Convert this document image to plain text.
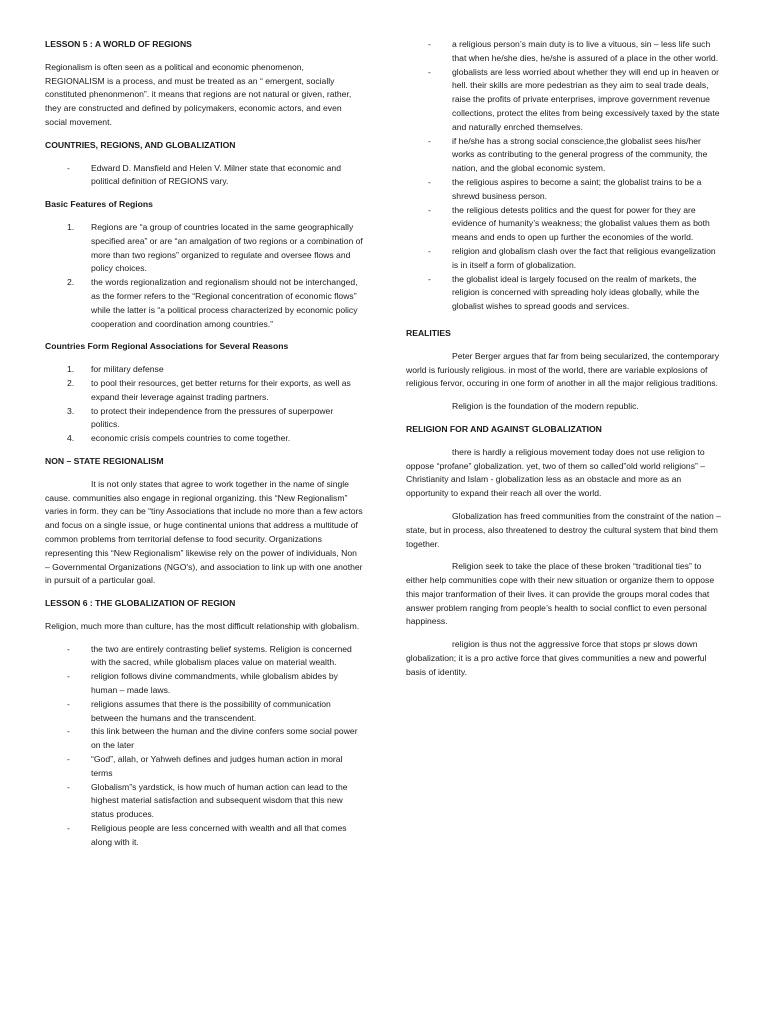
LESSON 5 : A WORLD OF REGIONS

Regionalism is often seen as a political and economic phenomenon, REGIONALISM is a process, and must be treated as an “ emergent, socially constituted phenonmenon”. it means that regions are not natural or given, rather, they are constructed and defined by policymakers, economic actors, and even social movement.

COUNTRIES, REGIONS, AND GLOBALIZATION
- Edward D. Mansfield and Helen V. Milner state that economic and political definition of REGIONS vary.
Basic Features of Regions
1. Regions are “a group of countries located in the same geographically specified area” or are “an amalgation of two regions or a combination of more than two regions” organized to regulate and oversee flows and policy choices.
2. the words regionalization and regionalism should not be interchanged, as the former refers to the “Regional concentration of economic flows” while the latter is “a political process characterized by economic policy cooperation and coordination among countries.”
Countries Form Regional Associations for Several Reasons
1. for military defense
2. to pool their resources, get better returns for their exports, as well as expand their leverage against trading partners.
3. to protect their independence from the pressures of superpower politics.
4. economic crisis compels countries to come together.
NON – STATE REGIONALISM

It is not only states that agree to work together in the name of single cause. communities also engage in regional organizing. this “New Regionalism” varies in form. they can be “tiny Associations that include no more than a few actors and focus on a single issue, or huge continental unions that address a multitude of common problems from territorial defense to food security. Organizations representing this “New Regionalism” likewise rely on the power of individuals, Non – Governmental Organizations (NGO’s), and association to link up with one another in pursuit of a particular goal.

LESSON 6 : THE GLOBALIZATION OF REGION

Religion, much more than culture, has the most difficult relationship with globalism.

- the two are entirely contrasting belief systems. Religion is concerned with the sacred, while globalism places value on material wealth.
- religion follows divine commandments, while globalism abides by human – made laws.
- religions assumes that there is the possibility of communication between the humans and the transcendent.
- this link between the human and the divine confers some social power on the later
- “God”, allah, or Yahweh defines and judges human action in moral terms
- Globalism”s yardstick, is how much of human action can lead to the highest material satisfaction and subsequent wisdom that this new status produces.
- Religious people are less concerned with wealth and all that comes along with it.
- a religious person’s main duty is to live a vituous, sin – less life such that when he/she dies, he/she is assured of a place in the other world.
- globalists are less worried about whether they will end up in heaven or hell. their skills are more pedestrian as they aim to seal trade deals, raise the profits of private enterprises, improve government revenue collections, protect the elites from being excessively taxed by the state and naturally enrched themselves.
- if he/she has a strong social conscience,the globalist sees his/her works as contributing to the general progress of the community, the nation, and the global economic system.
- the religious aspires to become a saint; the globalist trains to be a shrewd business person.
- the religious detests politics and the quest for power for they are evidence of humanity’s weakness; the globalist values them as both means and ends to open up further the economies of the world.
- religion and globalism clash over the fact that religious evangelization is in itself a form of globalization.
- the globalist ideal is largely focused on the realm of markets, the religion is concerned with spreading holy ideas globally, while the globalist wishes to spread goods and services.
REALITIES

Peter Berger argues that far from being secularized, the contemporary world is furiously religious. in most of the world, there are variable explosions of religious fervor, occuring in one form of another in all the major religious traditions.

Religion is the foundation of the modern republic.

RELIGION FOR AND AGAINST GLOBALIZATION

there is hardly a religious movement today does not use religion to oppose “profane” globalization. yet, two of them so called”old world religions” – Christianity and Islam - globalization less as an obstacle and more as an opportunity to expand their reach all over the world.

Globalization has freed communities from the constraint of the nation – state, but in process, also threatened to destroy the cultural system that bind them together.

Religion seek to take the place of these broken “traditional ties” to either help communities cope with their new situation or organize them to oppose this major tranformation of their lives. it can provide the groups moral codes that answer problem ranging from people’s health to social conflict to even personal happiness.

religion is thus not the aggressive force that stops pr slows down globalization; it is a pro active force that gives communities a new and powerful basis of identity.
